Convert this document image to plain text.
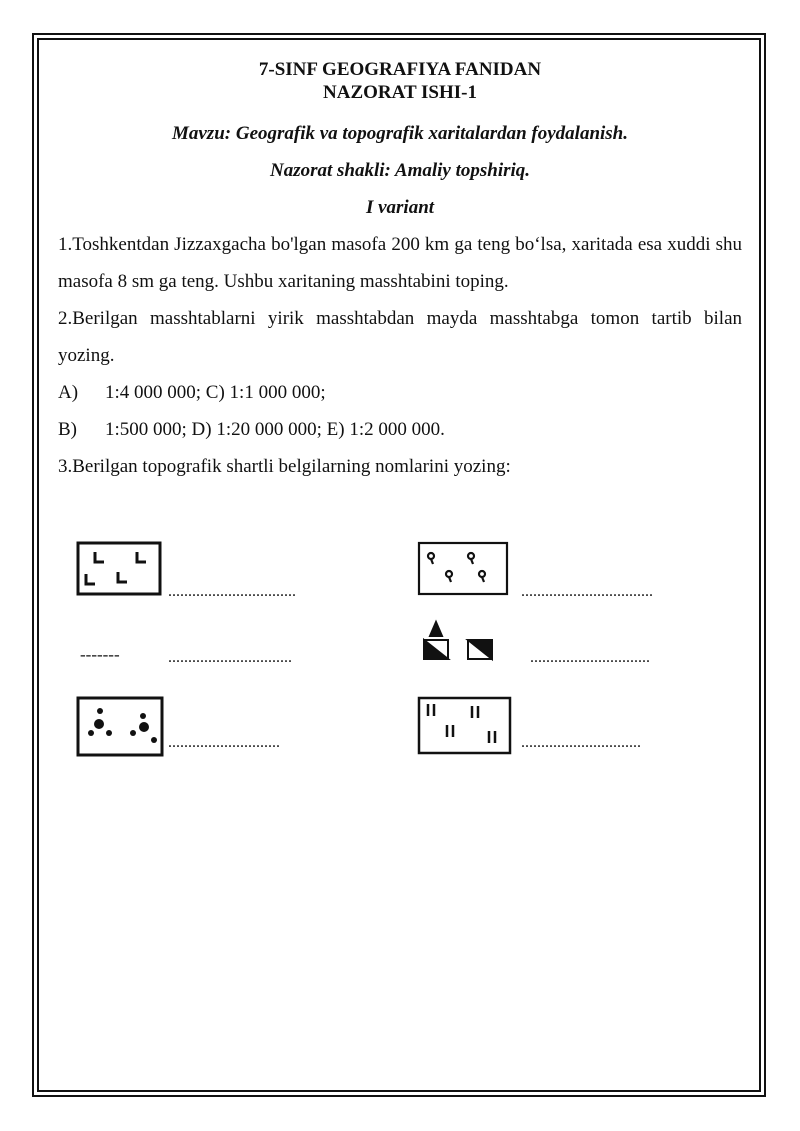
7-SINF GEOGRAFIYA FANIDAN

NAZORAT ISHI-1

Mavzu: Geografik va topografik xaritalardan foydalanish.

Nazorat shakli: Amaliy topshiriq.

I variant

1.Toshkentdan Jizzaxgacha bo'lgan masofa 200 km ga teng bo‘lsa, xaritada esa xuddi shu masofa 8 sm ga teng. Ushbu xaritaning masshtabini toping.

2.Berilgan masshtablarni yirik masshtabdan mayda masshtabga tomon tartib bilan yozing.

A)	1:4 000 000; C) 1:1 000 000;
B)	1:500 000; D) 1:20 000 000; E) 1:2 000 000.

3.Berilgan topografik shartli belgilarning nomlarini yozing:

-------
................................	.................................
...............................	..............................
............................	..............................
